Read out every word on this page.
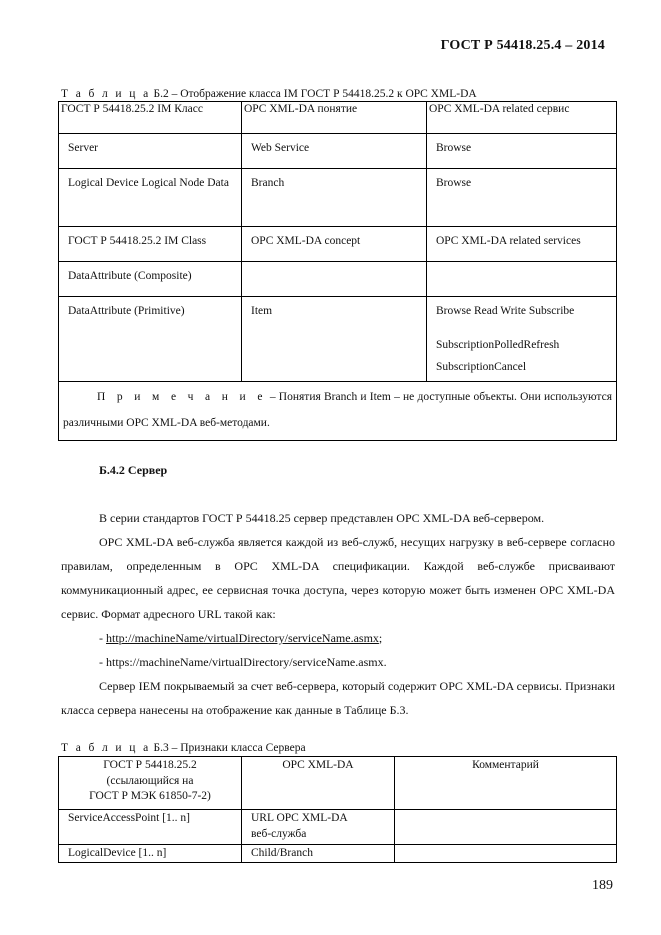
ГОСТ Р 54418.25.4 – 2014
Т а б л и ц а Б.2 – Отображение класса IM ГОСТ Р 54418.25.2 к OPC XML-DA
ГОСТ Р 54418.25.2 IM Класс	OPC XML-DA понятие	OPC XML-DA related сервис
Server	Web Service	Browse
Logical Device Logical Node Data	Branch	Browse
ГОСТ Р 54418.25.2 IM Class	OPC XML-DA concept	OPC XML-DA related services
DataAttribute (Composite)		
DataAttribute (Primitive)	Item	Browse Read Write Subscribe
SubscriptionPolledRefresh
SubscriptionCancel

П р и м е ч а н и е – Понятия Branch и Item – не доступные объекты. Они используются различными OPC XML-DA веб-методами.		
Б.4.2 Сервер
В серии стандартов ГОСТ Р 54418.25 сервер представлен OPC XML-DA веб-сервером.
OPC XML-DA веб-служба является каждой из веб-служб, несущих нагрузку в веб-сервере согласно правилам, определенным в OPC XML-DA спецификации. Каждой веб-службе присваивают коммуникационный адрес, ее сервисная точка доступа, через которую может быть изменен OPC XML-DA сервис. Формат адресного URL такой как:
- http://machineName/virtualDirectory/serviceName.asmx;
- https://machineName/virtualDirectory/serviceName.asmx.
Сервер IEM покрываемый за счет веб-сервера, который содержит OPC XML-DA сервисы. Признаки класса сервера нанесены на отображение как данные в Таблице Б.3.
Т а б л и ц а Б.3 – Признаки класса Сервера
ГОСТ Р 54418.25.2
(ссылающийся на
ГОСТ Р МЭК 61850-7-2)	OPC XML-DA	Комментарий
ServiceAccessPoint [1.. n]	URL OPC XML-DA
веб-служба	

LogicalDevice [1.. n]	Child/Branch	
189
